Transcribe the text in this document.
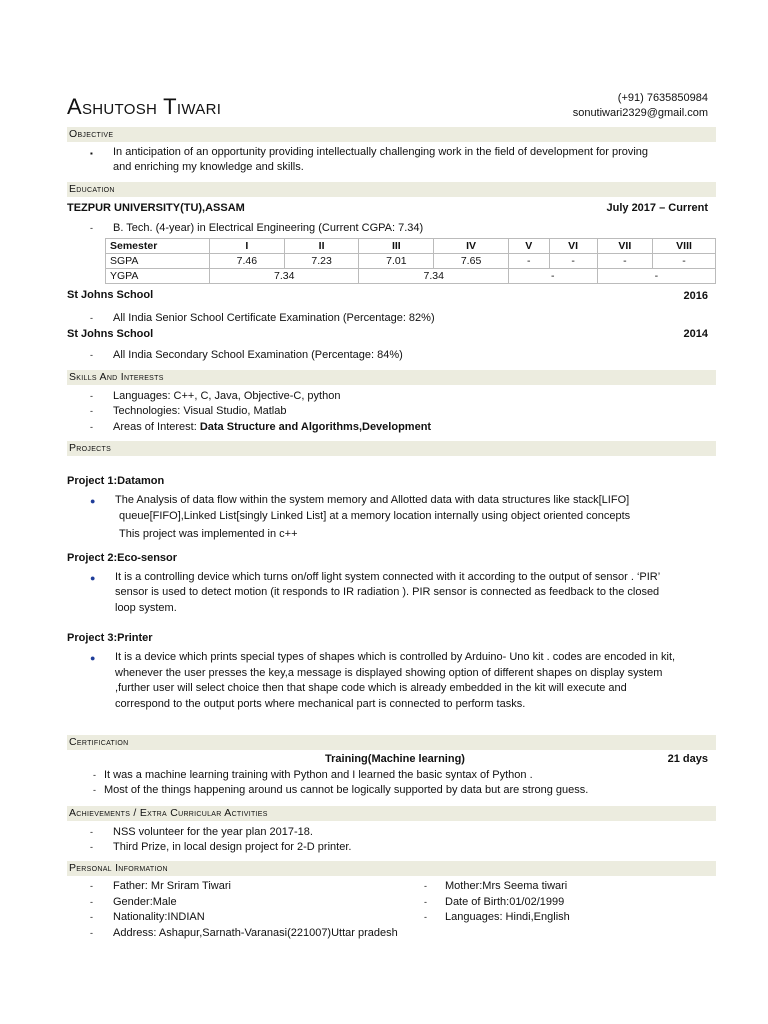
Ashutosh Tiwari	(+91) 7635850984
sonutiwari2329@gmail.com
Objective
▪ In anticipation of an opportunity providing intellectually challenging work in the field of development for proving
and enriching my knowledge and skills.
Education
TEZPUR UNIVERSITY(TU),ASSAM	July 2017 – Current
- B. Tech. (4-year) in Electrical Engineering (Current CGPA: 7.34)
Semester	I	II	III	IV	V	VI	VII	VIII
SGPA	7.46	7.23	7.01	7.65	-	-	-	-
YGPA	7.34		7.34		-		-	
St Johns School	2016
- All India Senior School Certificate Examination (Percentage: 82%)
St Johns School	2014
- All India Secondary School Examination (Percentage: 84%)
Skills And Interests
- Languages: C++, C, Java, Objective-C, python
- Technologies: Visual Studio, Matlab
- Areas of Interest: Data Structure and Algorithms,Development
Projects
Project 1:Datamon
● The Analysis of data flow within the system memory and Allotted data with data structures like stack[LIFO]
queue[FIFO],Linked List[singly Linked List] at a memory location internally using object oriented concepts
This project was implemented in c++
Project 2:Eco-sensor
● It is a controlling device which turns on/off light system connected with it according to the output of sensor . ‘PIR’
sensor is used to detect motion (it responds to IR radiation ). PIR sensor is connected as feedback to the closed
loop system.
Project 3:Printer
● It is a device which prints special types of shapes which is controlled by Arduino- Uno kit . codes are encoded in kit,
whenever the user presses the key,a message is displayed showing option of different shapes on display system
,further user will select choice then that shape code which is already embedded in the kit will execute and
correspond to the output ports where mechanical part is connected to perform tasks.
Certification
Training(Machine learning)	21 days
- It was a machine learning training with Python and I learned the basic syntax of Python .
- Most of the things happening around us cannot be logically supported by data but are strong guess.
Achievements / Extra Curricular Activities
- NSS volunteer for the year plan 2017-18.
- Third Prize, in local design project for 2-D printer.
Personal Information
- Father: Mr Sriram Tiwari
- Gender:Male
- Nationality:INDIAN
- Address: Ashapur,Sarnath-Varanasi(221007)Uttar pradesh
- Mother:Mrs Seema tiwari
- Date of Birth:01/02/1999
- Languages: Hindi,English
